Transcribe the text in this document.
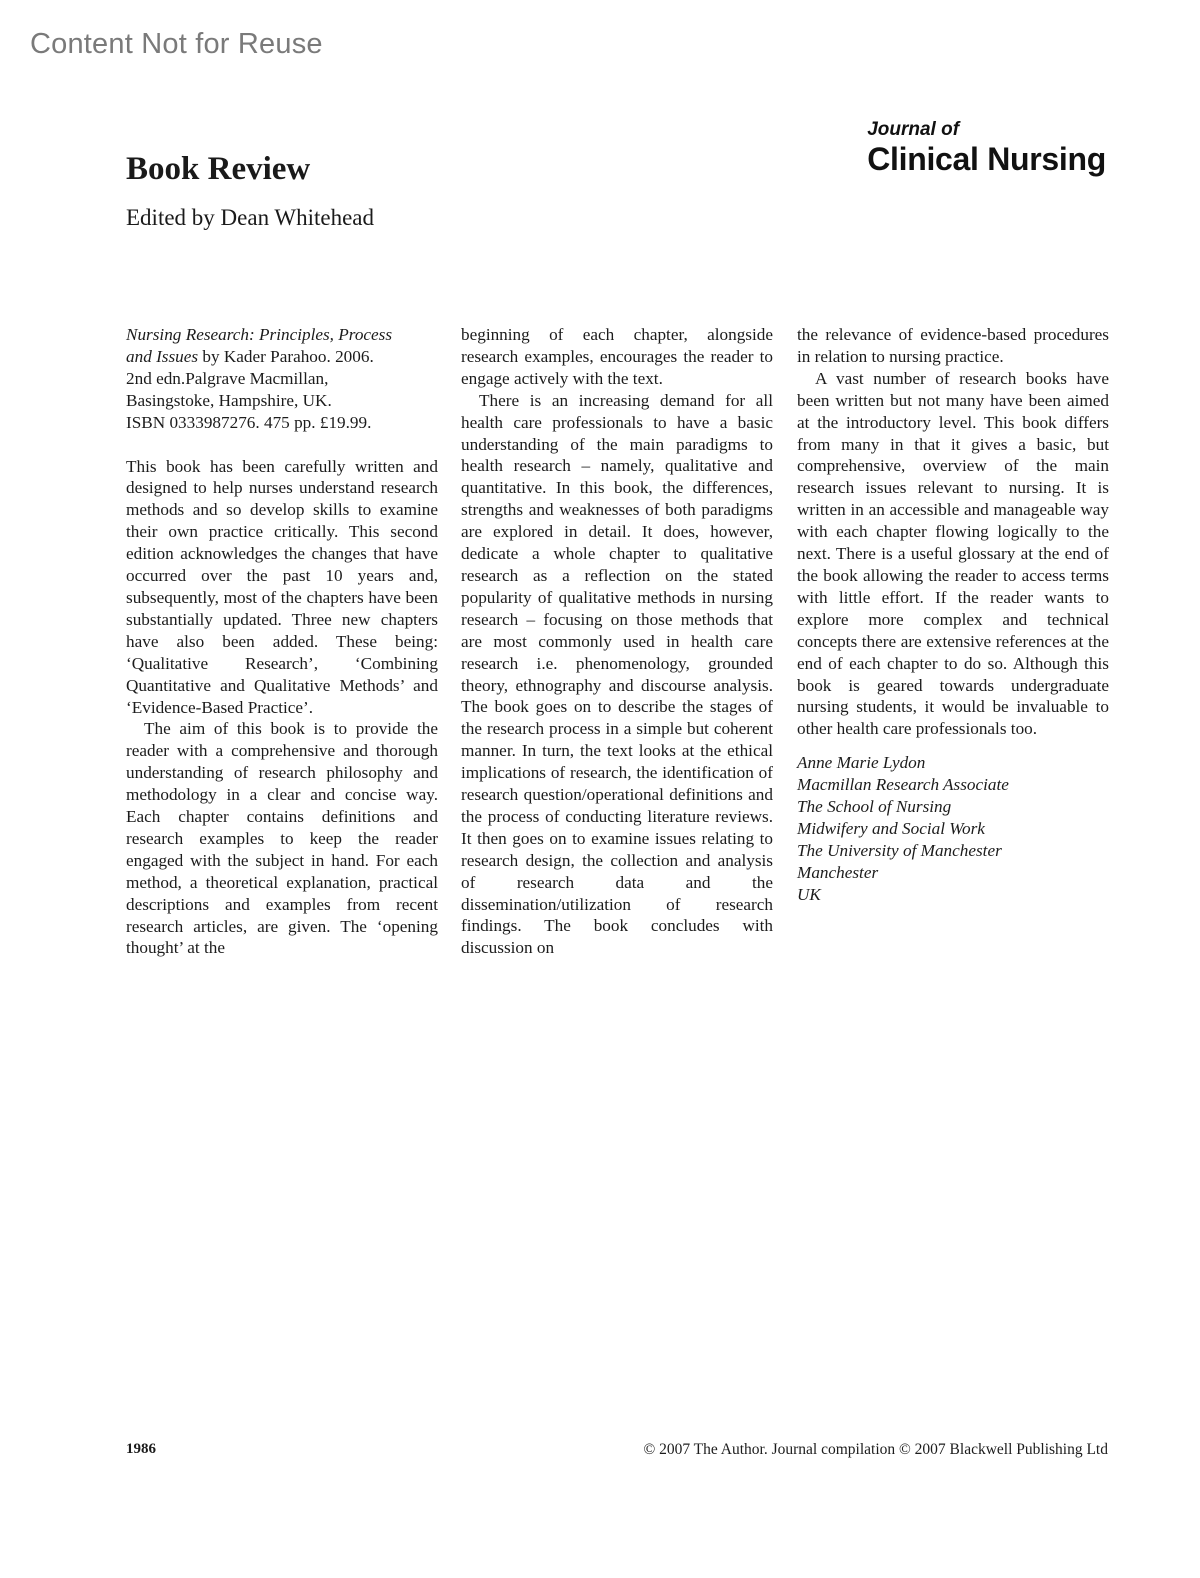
Content Not for Reuse
Book Review
Edited by Dean Whitehead
Journal of
Clinical Nursing
Nursing Research: Principles, Process
and Issues by Kader Parahoo. 2006.
2nd edn.Palgrave Macmillan,
Basingstoke, Hampshire, UK.
ISBN 0333987276. 475 pp. £19.99.

This book has been carefully written and designed to help nurses understand research methods and so develop skills to examine their own practice critically. This second edition acknowledges the changes that have occurred over the past 10 years and, subsequently, most of the chapters have been substantially updated. Three new chapters have also been added. These being: ‘Qualitative Research’, ‘Combining Quantitative and Qualitative Methods’ and ‘Evidence-Based Practice’.

The aim of this book is to provide the reader with a comprehensive and thorough understanding of research philosophy and methodology in a clear and concise way. Each chapter contains definitions and research examples to keep the reader engaged with the subject in hand. For each method, a theoretical explanation, practical descriptions and examples from recent research articles, are given. The ‘opening thought’ at the

beginning of each chapter, alongside research examples, encourages the reader to engage actively with the text.

There is an increasing demand for all health care professionals to have a basic understanding of the main paradigms to health research – namely, qualitative and quantitative. In this book, the differences, strengths and weaknesses of both paradigms are explored in detail. It does, however, dedicate a whole chapter to qualitative research as a reflection on the stated popularity of qualitative methods in nursing research – focusing on those methods that are most commonly used in health care research i.e. phenomenology, grounded theory, ethnography and discourse analysis. The book goes on to describe the stages of the research process in a simple but coherent manner. In turn, the text looks at the ethical implications of research, the identification of research question/operational definitions and the process of conducting literature reviews. It then goes on to examine issues relating to research design, the collection and analysis of research data and the dissemination/utilization of research findings. The book concludes with discussion on

the relevance of evidence-based procedures in relation to nursing practice.

A vast number of research books have been written but not many have been aimed at the introductory level. This book differs from many in that it gives a basic, but comprehensive, overview of the main research issues relevant to nursing. It is written in an accessible and manageable way with each chapter flowing logically to the next. There is a useful glossary at the end of the book allowing the reader to access terms with little effort. If the reader wants to explore more complex and technical concepts there are extensive references at the end of each chapter to do so. Although this book is geared towards undergraduate nursing students, it would be invaluable to other health care professionals too.

Anne Marie Lydon
Macmillan Research Associate
The School of Nursing
Midwifery and Social Work
The University of Manchester
Manchester
UK
1986	© 2007 The Author. Journal compilation © 2007 Blackwell Publishing Ltd
